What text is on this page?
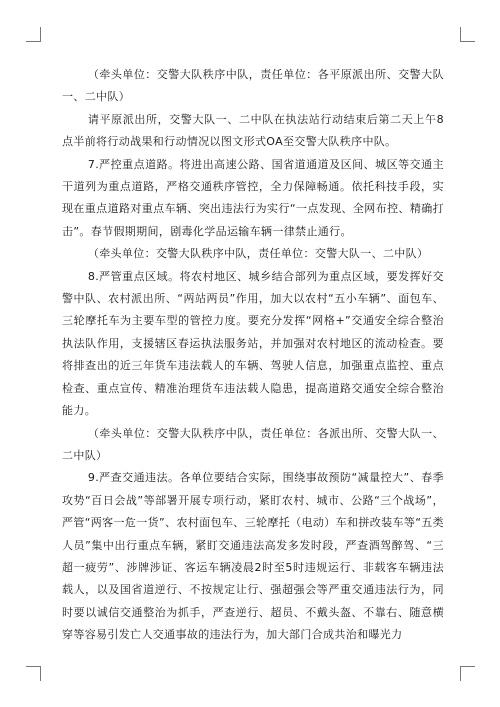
（牵头单位：交警大队秩序中队，责任单位：各平原派出所、交警大队一、二中队）

请平原派出所，交警大队一、二中队在执法站行动结束后第二天上午8点半前将行动战果和行动情况以图文形式OA至交警大队秩序中队。

7.严控重点道路。将进出高速公路、国省道通道及区间、城区等交通主干道列为重点道路，严格交通秩序管控，全力保障畅通。依托科技手段，实现在重点道路对重点车辆、突出违法行为实行“一点发现、全网布控、精确打击”。春节假期期间，剧毒化学品运输车辆一律禁止通行。

（牵头单位：交警大队秩序中队，责任单位：交警大队一、二中队）

8.严管重点区域。将农村地区、城乡结合部列为重点区域，要发挥好交警中队、农村派出所、“两站两员”作用，加大以农村“五小车辆”、面包车、三轮摩托车为主要车型的管控力度。要充分发挥“网格+”交通安全综合整治执法队作用，支援辖区春运执法服务站，并加强对农村地区的流动检查。要将排查出的近三年货车违法载人的车辆、驾驶人信息，加强重点监控、重点检查、重点宣传、精准治理货车违法载人隐患，提高道路交通安全综合整治能力。

（牵头单位：交警大队秩序中队，责任单位：各派出所、交警大队一、二中队）

9.严查交通违法。各单位要结合实际，围绕事故预防“减量控大”、春季攻势“百日会战”等部署开展专项行动，紧盯农村、城市、公路“三个战场”，严管“两客一危一货”、农村面包车、三轮摩托（电动）车和拼改装车等“五类人员”集中出行重点车辆，紧盯交通违法高发多发时段，严查酒驾醉驾、“三超一疲劳”、涉牌涉证、客运车辆凌晨2时至5时违规运行、非载客车辆违法载人，以及国省道逆行、不按规定让行、强超强会等严重交通违法行为，同时要以诚信交通整治为抓手，严查逆行、超员、不戴头盔、不靠右、随意横穿等容易引发亡人交通事故的违法行为，加大部门合成共治和曝光力
